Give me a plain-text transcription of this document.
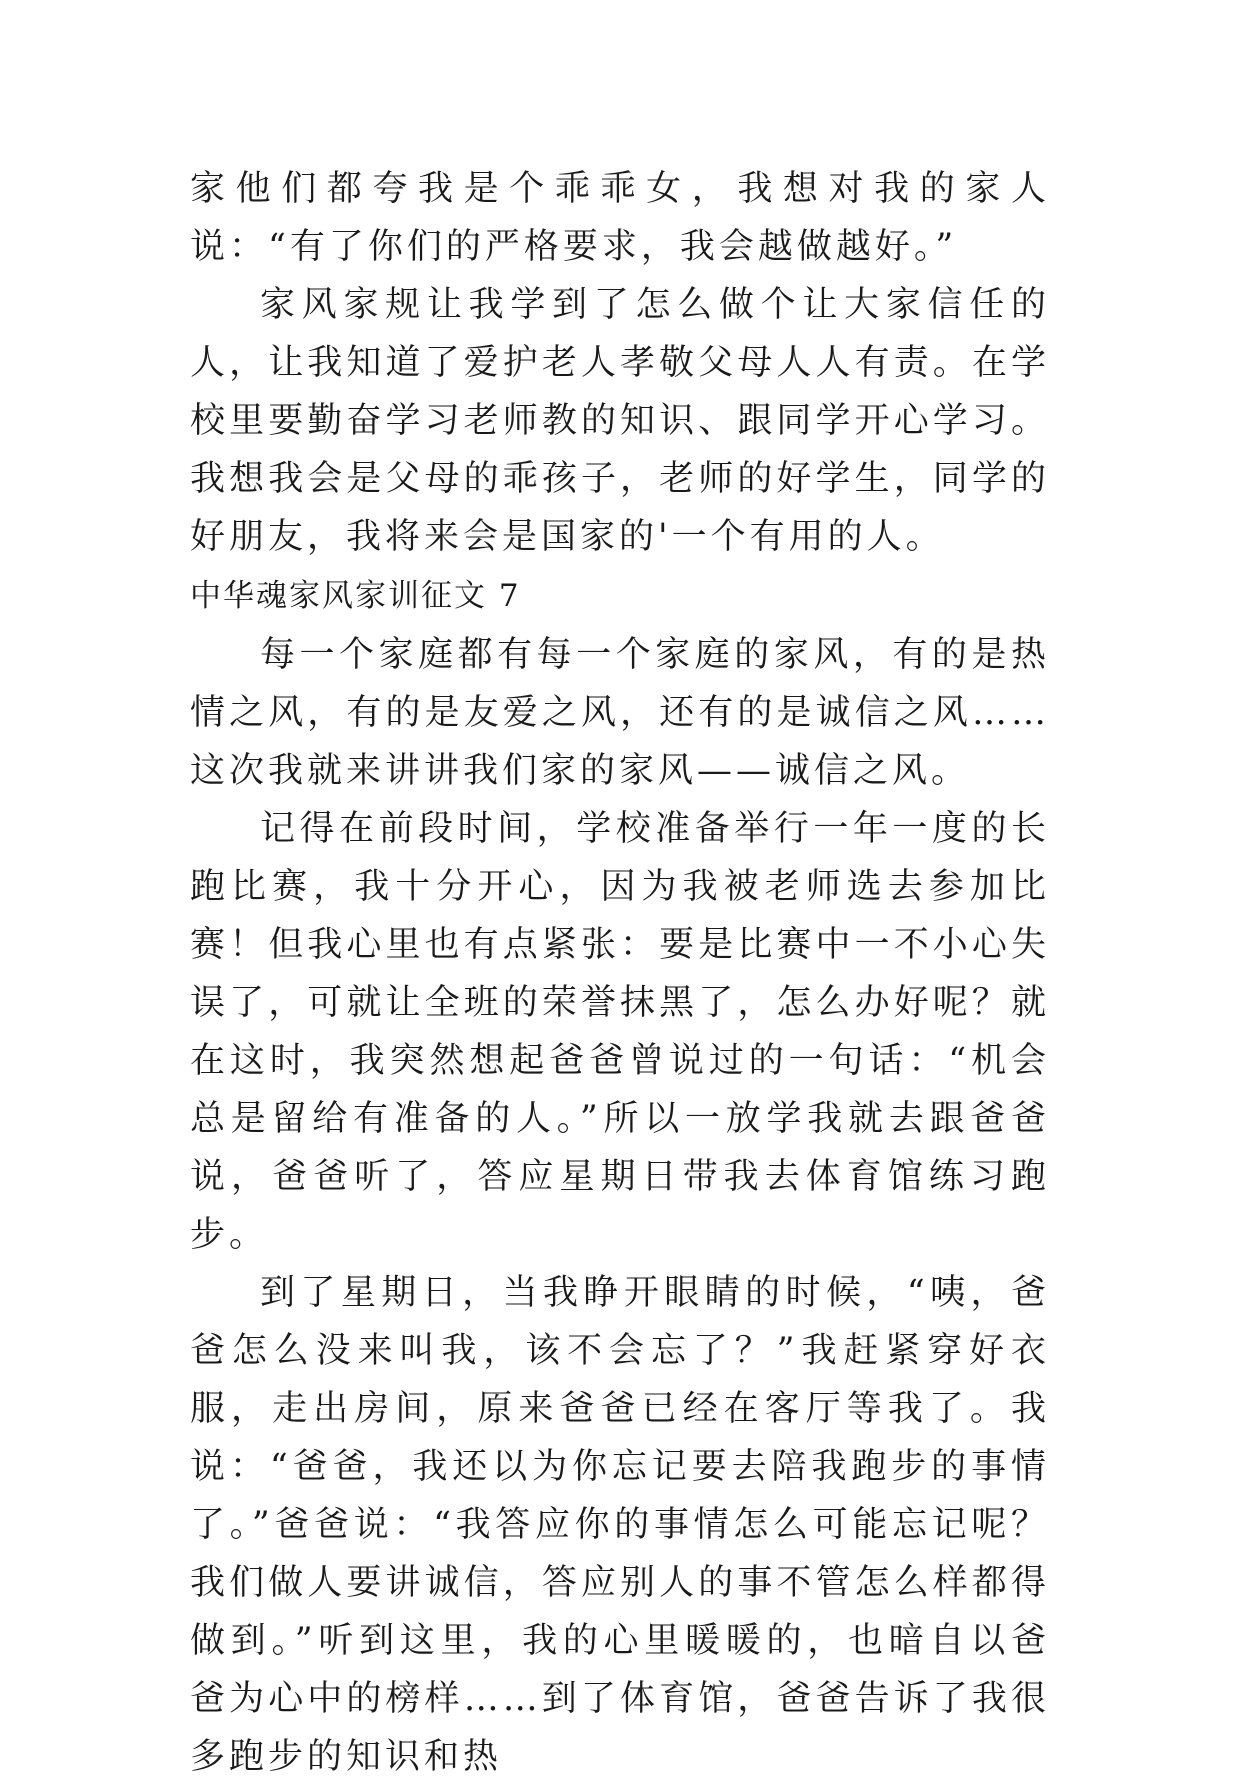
家他们都夸我是个乖乖女，我想对我的家人说：“有了你们的严格要求，我会越做越好。”

家风家规让我学到了怎么做个让大家信任的人，让我知道了爱护老人孝敬父母人人有责。在学校里要勤奋学习老师教的知识、跟同学开心学习。我想我会是父母的乖孩子，老师的好学生，同学的好朋友，我将来会是国家的'一个有用的人。

中华魂家风家训征文 7

每一个家庭都有每一个家庭的家风，有的是热情之风，有的是友爱之风，还有的是诚信之风……这次我就来讲讲我们家的家风——诚信之风。

记得在前段时间，学校准备举行一年一度的长跑比赛，我十分开心，因为我被老师选去参加比赛！但我心里也有点紧张：要是比赛中一不小心失误了，可就让全班的荣誉抹黑了，怎么办好呢？就在这时，我突然想起爸爸曾说过的一句话：“机会总是留给有准备的人。”所以一放学我就去跟爸爸说，爸爸听了，答应星期日带我去体育馆练习跑步。

到了星期日，当我睁开眼睛的时候，“咦，爸爸怎么没来叫我，该不会忘了？”我赶紧穿好衣服，走出房间，原来爸爸已经在客厅等我了。我说：“爸爸，我还以为你忘记要去陪我跑步的事情了。”爸爸说：“我答应你的事情怎么可能忘记呢？我们做人要讲诚信，答应别人的事不管怎么样都得做到。”听到这里，我的心里暖暖的，也暗自以爸爸为心中的榜样……到了体育馆，爸爸告诉了我很多跑步的知识和热
